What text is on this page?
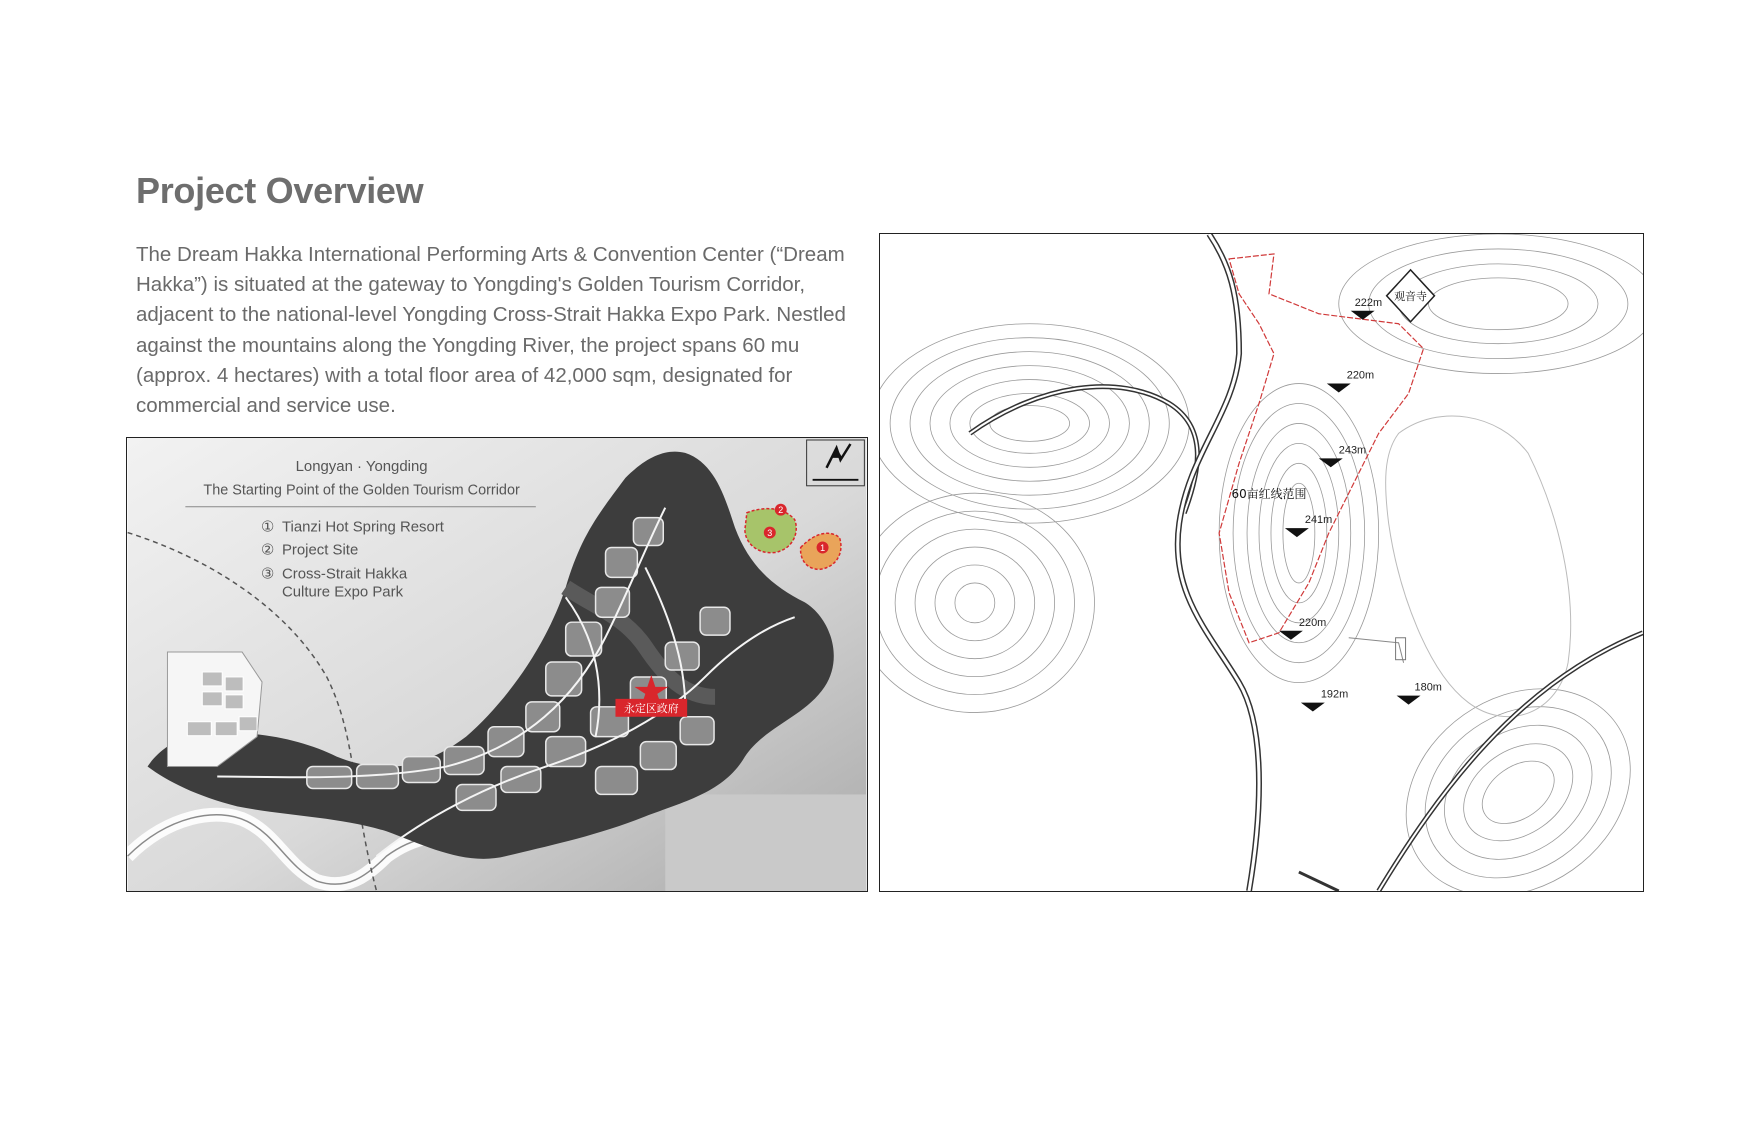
Project Overview

The Dream Hakka International Performing Arts & Convention Center (“Dream Hakka”) is situated at the gateway to Yongding's Golden Tourism Corridor, adjacent to the national-level Yongding Cross-Strait Hakka Expo Park. Nestled against the mountains along the Yongding River, the project spans 60 mu (approx. 4 hectares) with a total floor area of 42,000 sqm, designated for commercial and service use.

2
3
1
永定区政府
Longyan · Yongding
The Starting Point of the Golden Tourism Corridor
① Tianzi Hot Spring Resort
② Project Site
③ Cross-Strait Hakka
Culture Expo Park
观音寺
60亩红线范围
222m
220m
243m
241m
220m
192m
180m
